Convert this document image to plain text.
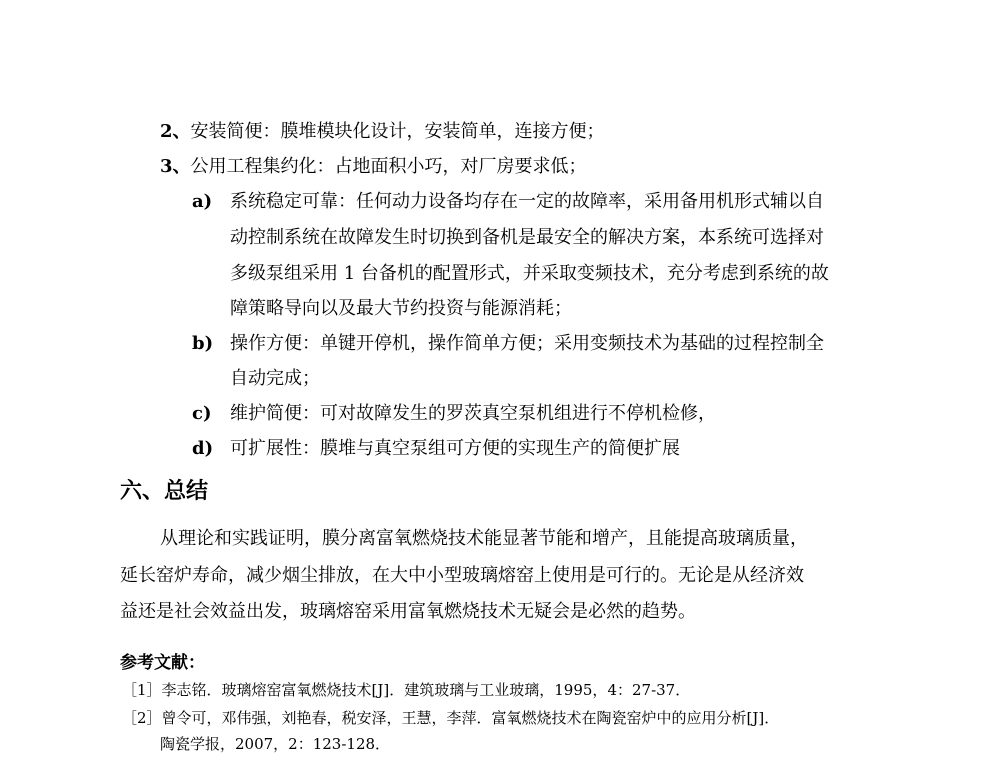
2、安装简便：膜堆模块化设计，安装简单，连接方便；
3、公用工程集约化：占地面积小巧，对厂房要求低；
a) 系统稳定可靠：任何动力设备均存在一定的故障率，采用备用机形式辅以自
动控制系统在故障发生时切换到备机是最安全的解决方案，本系统可选择对
多级泵组采用 1 台备机的配置形式，并采取变频技术，充分考虑到系统的故
障策略导向以及最大节约投资与能源消耗；
b) 操作方便：单键开停机，操作简单方便；采用变频技术为基础的过程控制全
自动完成；
c) 维护简便：可对故障发生的罗茨真空泵机组进行不停机检修，
d) 可扩展性：膜堆与真空泵组可方便的实现生产的简便扩展
六、总结
从理论和实践证明，膜分离富氧燃烧技术能显著节能和增产，且能提高玻璃质量，
延长窑炉寿命，减少烟尘排放，在大中小型玻璃熔窑上使用是可行的。无论是从经济效
益还是社会效益出发，玻璃熔窑采用富氧燃烧技术无疑会是必然的趋势。
参考文献：
［1］李志铭．玻璃熔窑富氧燃烧技术[J]．建筑玻璃与工业玻璃，1995，4：27-37．
［2］曾令可，邓伟强，刘艳春，税安泽，王慧，李萍．富氧燃烧技术在陶瓷窑炉中的应用分析[J]．
陶瓷学报，2007，2：123-128．
